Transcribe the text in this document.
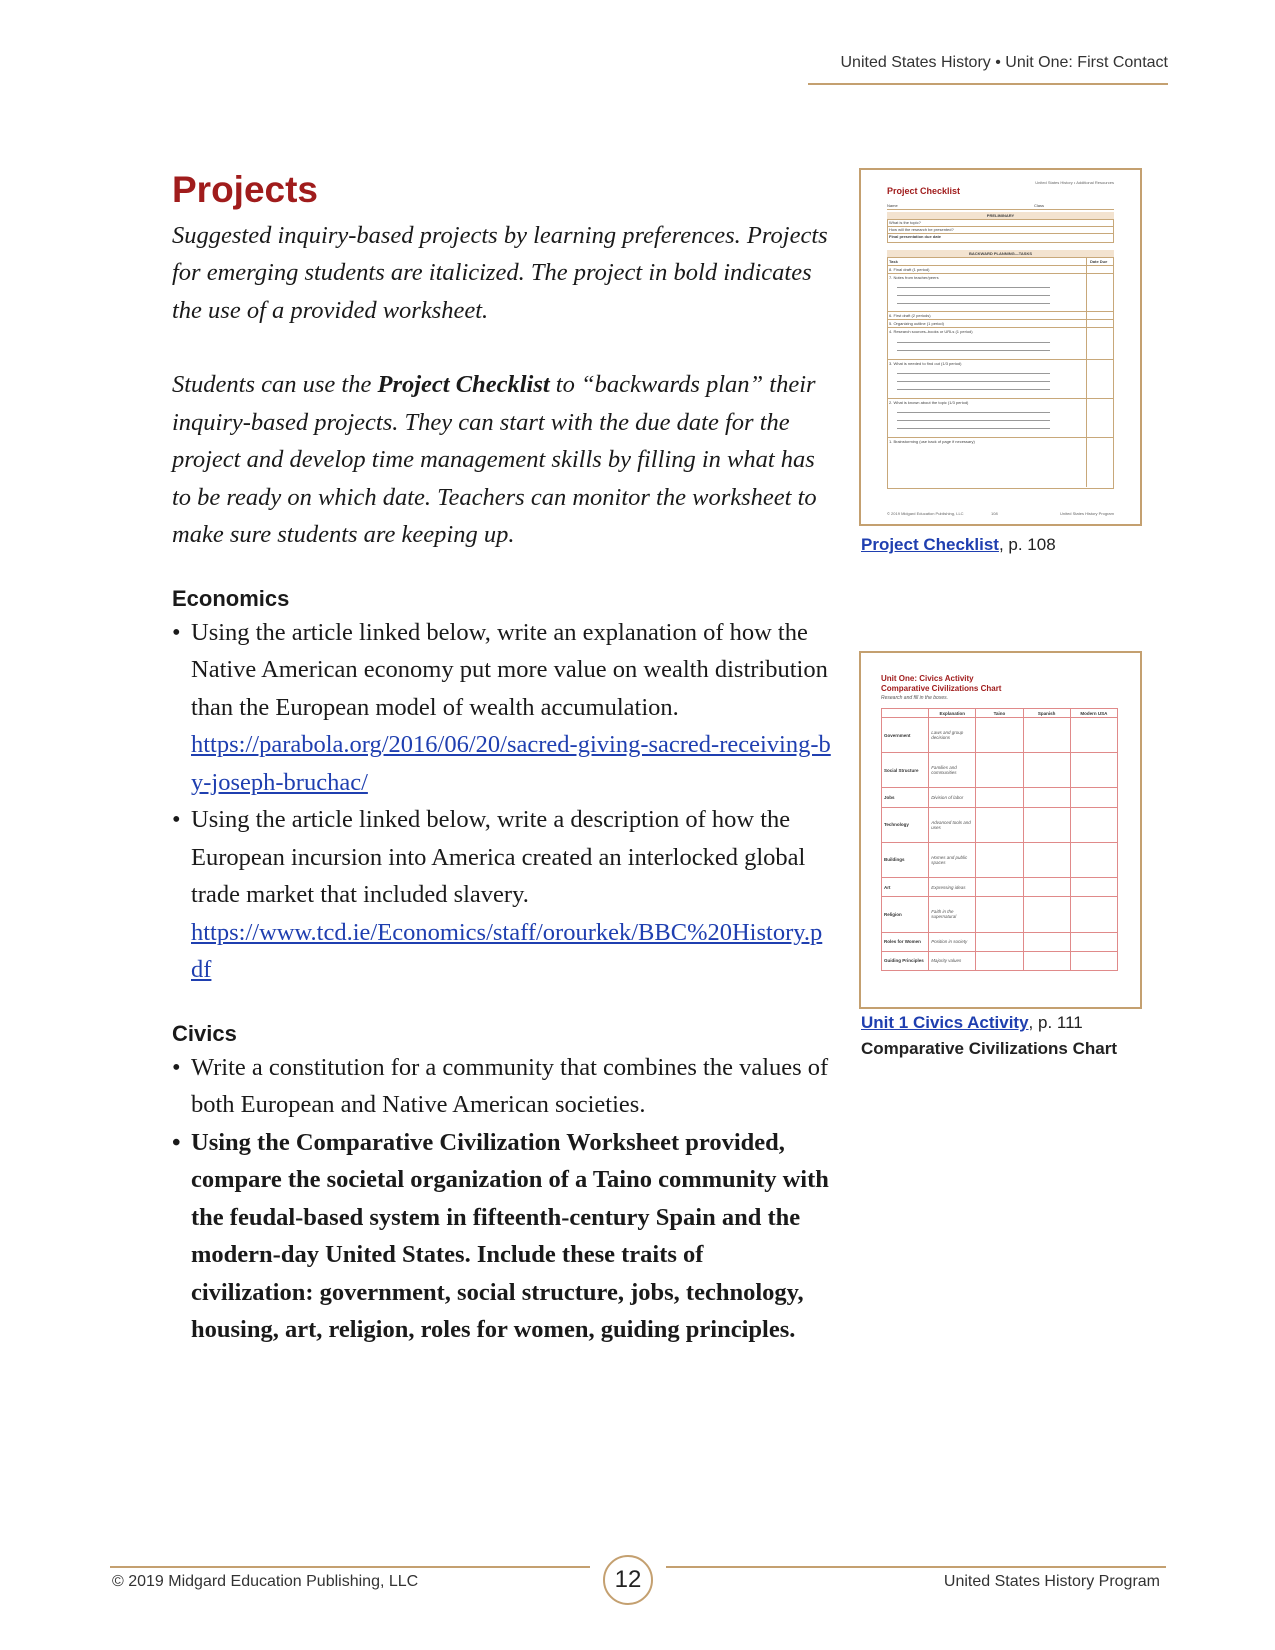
United States History • Unit One: First Contact
Projects

Suggested inquiry-based projects by learning preferences. Projects for emerging students are italicized. The project in bold indicates the use of a provided worksheet.

Students can use the Project Checklist to “backwards plan” their inquiry-based projects. They can start with the due date for the project and develop time management skills by filling in what has to be ready on which date. Teachers can monitor the worksheet to make sure students are keeping up.

Economics
• Using the article linked below, write an explanation of how the Native American economy put more value on wealth distribution than the European model of wealth accumulation.
https://parabola.org/2016/06/20/sacred-giving-sacred-receiving-by-joseph-bruchac/
• Using the article linked below, write a description of how the European incursion into America created an interlocked global trade market that included slavery.
https://www.tcd.ie/Economics/staff/orourkek/BBC%20History.pdf
Civics
• Write a constitution for a community that combines the values of both European and Native American societies.
• Using the Comparative Civilization Worksheet provided, compare the societal organization of a Taino community with the feudal-based system in fifteenth-century Spain and the modern-day United States. Include these traits of civilization: government, social structure, jobs, technology, housing, art, religion, roles for women, guiding principles.
United States History • Additional Resources
Project Checklist
Name	Class
PRELIMINARY
What is the topic?
How will the research be presented?
Final presentation due date
BACKWARD PLANNING—TASKS
Task	Date Due
8. Final draft (1 period)
7. Notes from teacher/peers
6. First draft (2 periods)
5. Organizing outline (1 period)
4. Research sources–books or URLs (1 period)
3. What is needed to find out (1/3 period)
2. What is known about the topic (1/3 period)
1. Brainstorming (use back of page if necessary)
© 2019 Midgard Education Publishing, LLC	108	United States History Program
Project Checklist, p. 108
Unit One: Civics Activity
Comparative Civilizations Chart
Research and fill in the boxes.
	Explanation	Taino	Spanish	Modern USA
Government	Laws and group decisions			
Social Structure	Families and communities			
Jobs	Division of labor			
Technology	Advanced tools and uses			
Buildings	Homes and public spaces			
Art	Expressing ideas			
Religion	Faith in the supernatural			
Roles for Women	Position in society			
Guiding Principles	Majority values			
Unit 1 Civics Activity, p. 111
Comparative Civilizations Chart
12
© 2019 Midgard Education Publishing, LLC	United States History Program
